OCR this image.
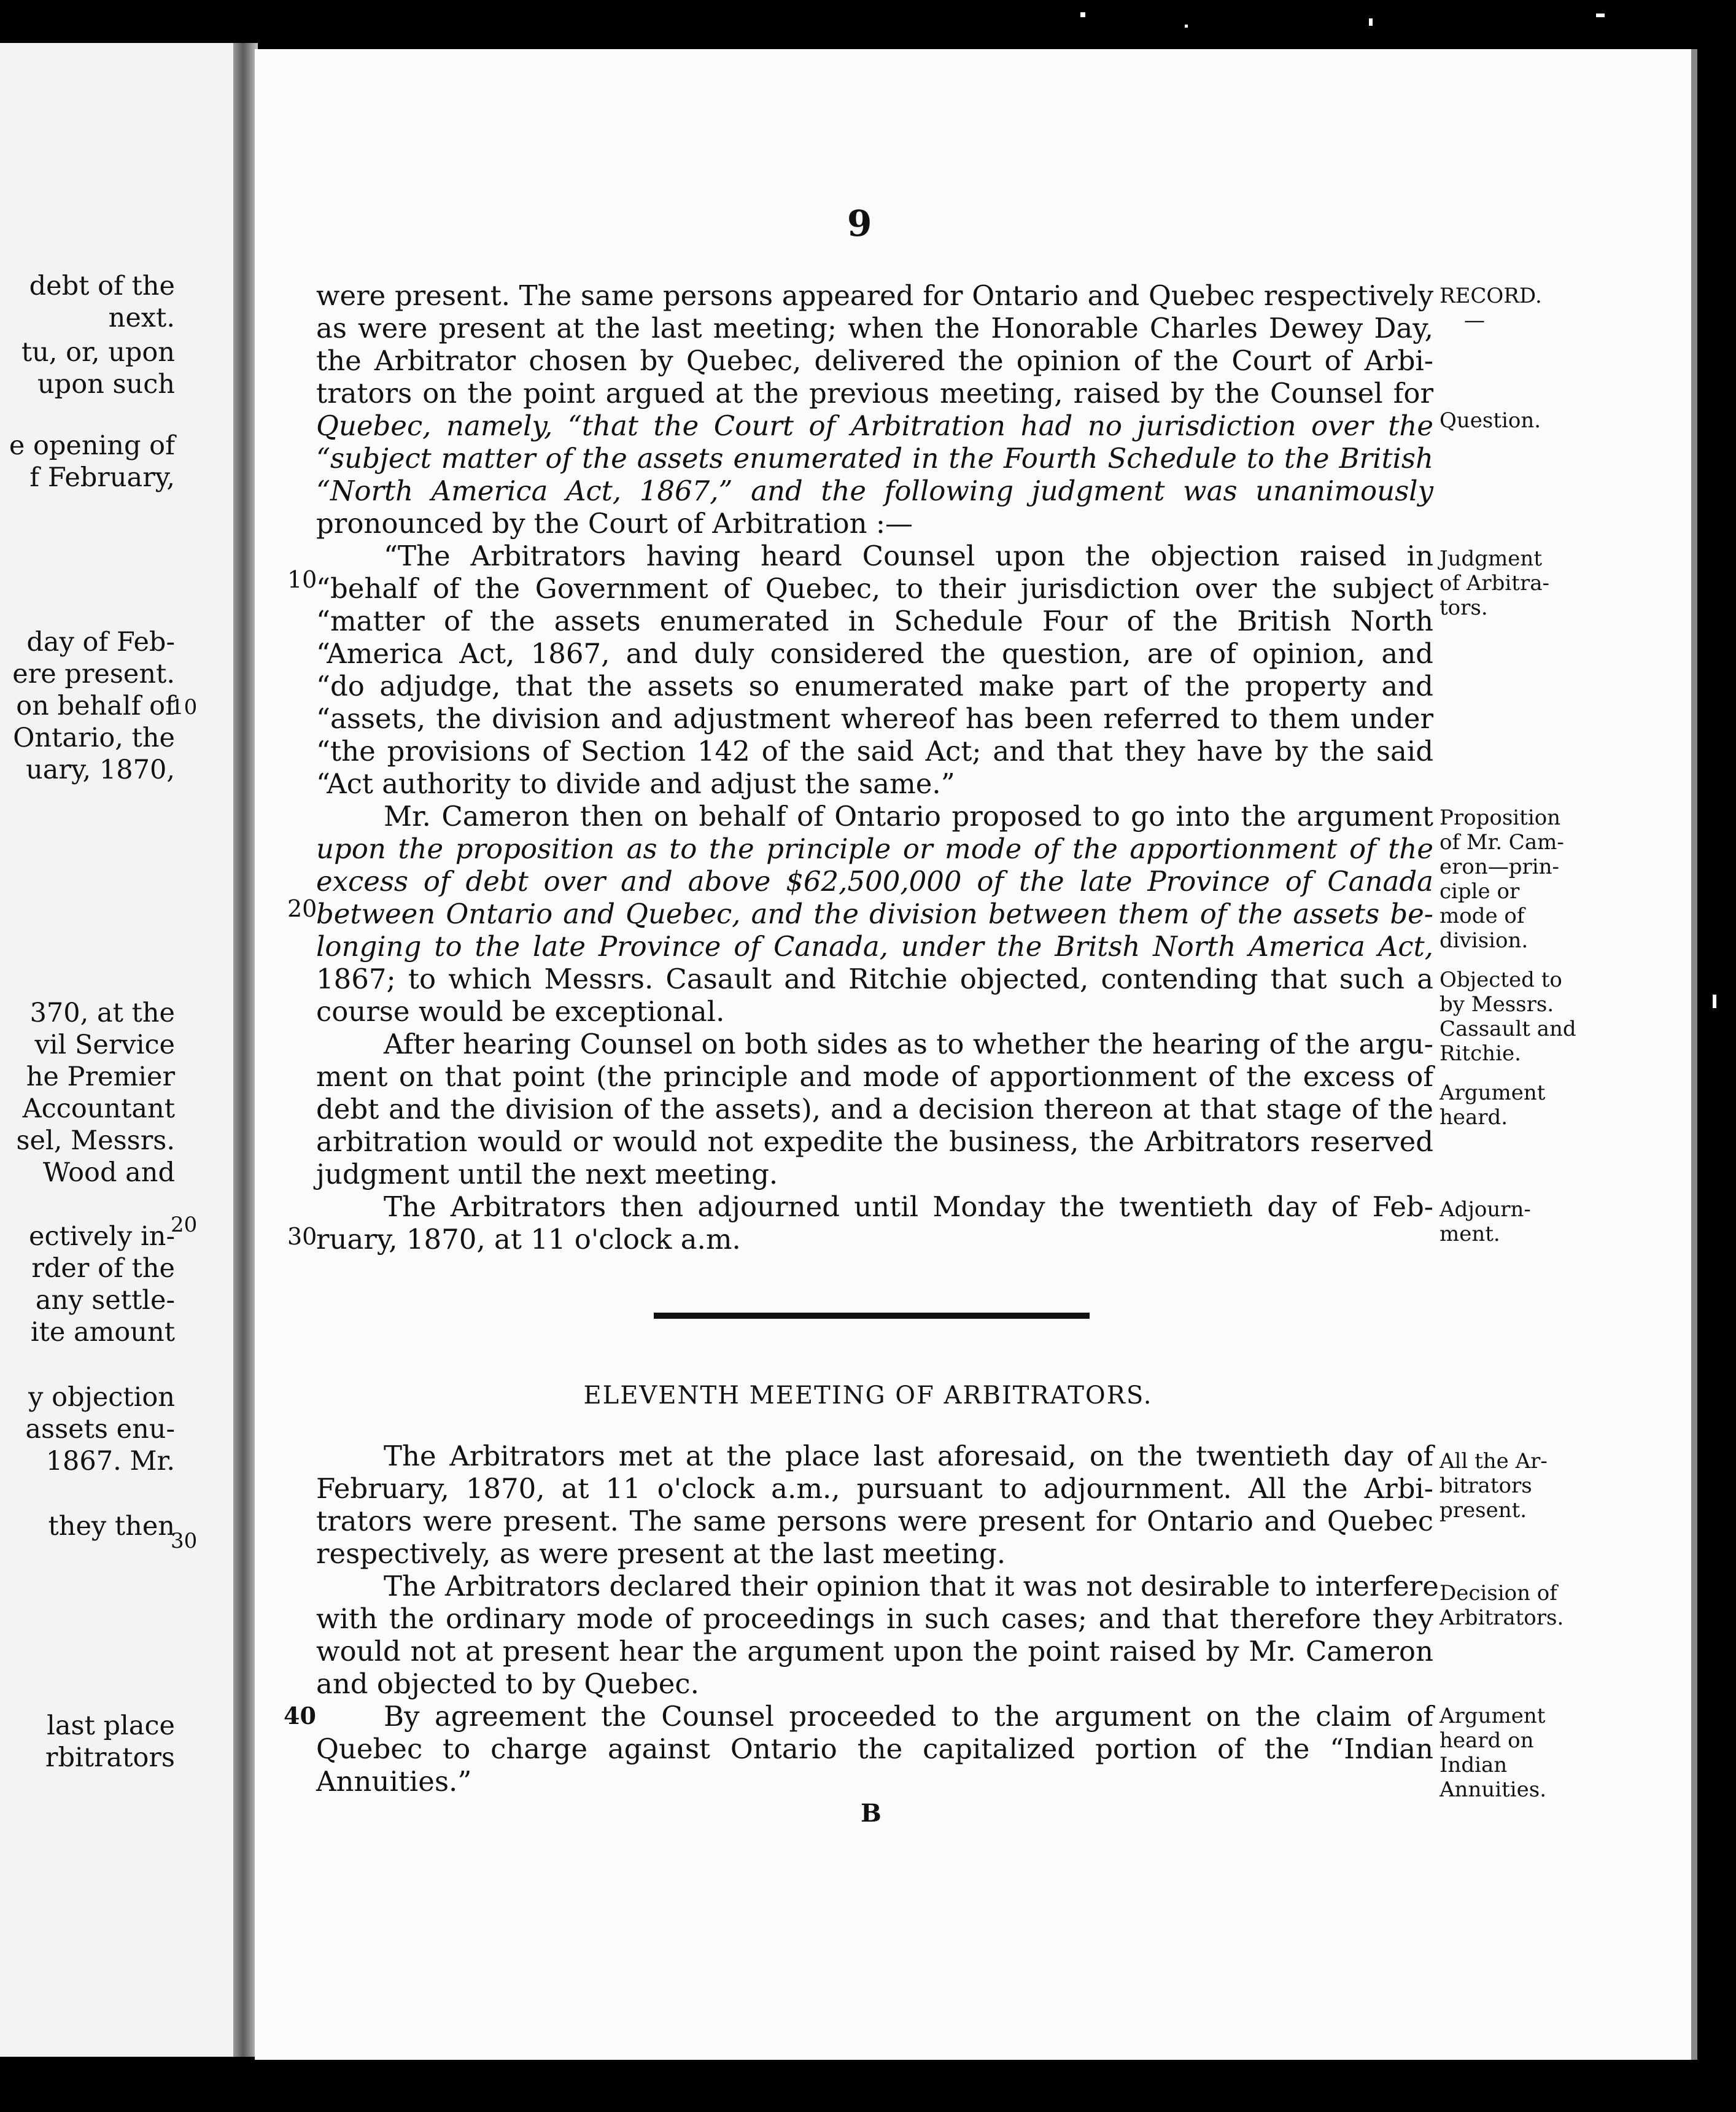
debt of the
next.
tu, or, upon
upon such
e opening of
f February,
day of Feb-
ere present.
on behalf of
Ontario, the
uary, 1870,
370, at the
vil Service
he Premier
Accountant
sel, Messrs.
Wood and
ectively in-
rder of the
any settle-
ite amount
y objection
assets enu-
1867. Mr.
they then
last place
rbitrators
10
20
30
9
were present. The same persons appeared for Ontario and Quebec respectively
as were present at the last meeting; when the Honorable Charles Dewey Day,
the Arbitrator chosen by Quebec, delivered the opinion of the Court of Arbi-
trators on the point argued at the previous meeting, raised by the Counsel for
Quebec, namely, “that the Court of Arbitration had no jurisdiction over the
“subject matter of the assets enumerated in the Fourth Schedule to the British
“North America Act, 1867,” and the following judgment was unanimously
pronounced by the Court of Arbitration :—
“The Arbitrators having heard Counsel upon the objection raised in
“behalf of the Government of Quebec, to their jurisdiction over the subject
“matter of the assets enumerated in Schedule Four of the British North
“America Act, 1867, and duly considered the question, are of opinion, and
“do adjudge, that the assets so enumerated make part of the property and
“assets, the division and adjustment whereof has been referred to them under
“the provisions of Section 142 of the said Act; and that they have by the said
“Act authority to divide and adjust the same.”
Mr. Cameron then on behalf of Ontario proposed to go into the argument
upon the proposition as to the principle or mode of the apportionment of the
excess of debt over and above $62,500,000 of the late Province of Canada
between Ontario and Quebec, and the division between them of the assets be-
longing to the late Province of Canada, under the Britsh North America Act,
1867; to which Messrs. Casault and Ritchie objected, contending that such a
course would be exceptional.
After hearing Counsel on both sides as to whether the hearing of the argu-
ment on that point (the principle and mode of apportionment of the excess of
debt and the division of the assets), and a decision thereon at that stage of the
arbitration would or would not expedite the business, the Arbitrators reserved
judgment until the next meeting.
The Arbitrators then adjourned until Monday the twentieth day of Feb-
ruary, 1870, at 11 o'clock a.m.
The Arbitrators met at the place last aforesaid, on the twentieth day of
February, 1870, at 11 o'clock a.m., pursuant to adjournment. All the Arbi-
trators were present. The same persons were present for Ontario and Quebec
respectively, as were present at the last meeting.
The Arbitrators declared their opinion that it was not desirable to interfere
with the ordinary mode of proceedings in such cases; and that therefore they
would not at present hear the argument upon the point raised by Mr. Cameron
and objected to by Quebec.
By agreement the Counsel proceeded to the argument on the claim of
Quebec to charge against Ontario the capitalized portion of the “Indian
Annuities.”
10
20
30
40
RECORD.
—
Question.
Judgment
of Arbitra-
tors.
Proposition
of Mr. Cam-
eron—prin-
ciple or
mode of
division.
Objected to
by Messrs.
Cassault and
Ritchie.
Argument
heard.
Adjourn-
ment.
All the Ar-
bitrators
present.
Decision of
Arbitrators.
Argument
heard on
Indian
Annuities.
ELEVENTH MEETING OF ARBITRATORS.
B
